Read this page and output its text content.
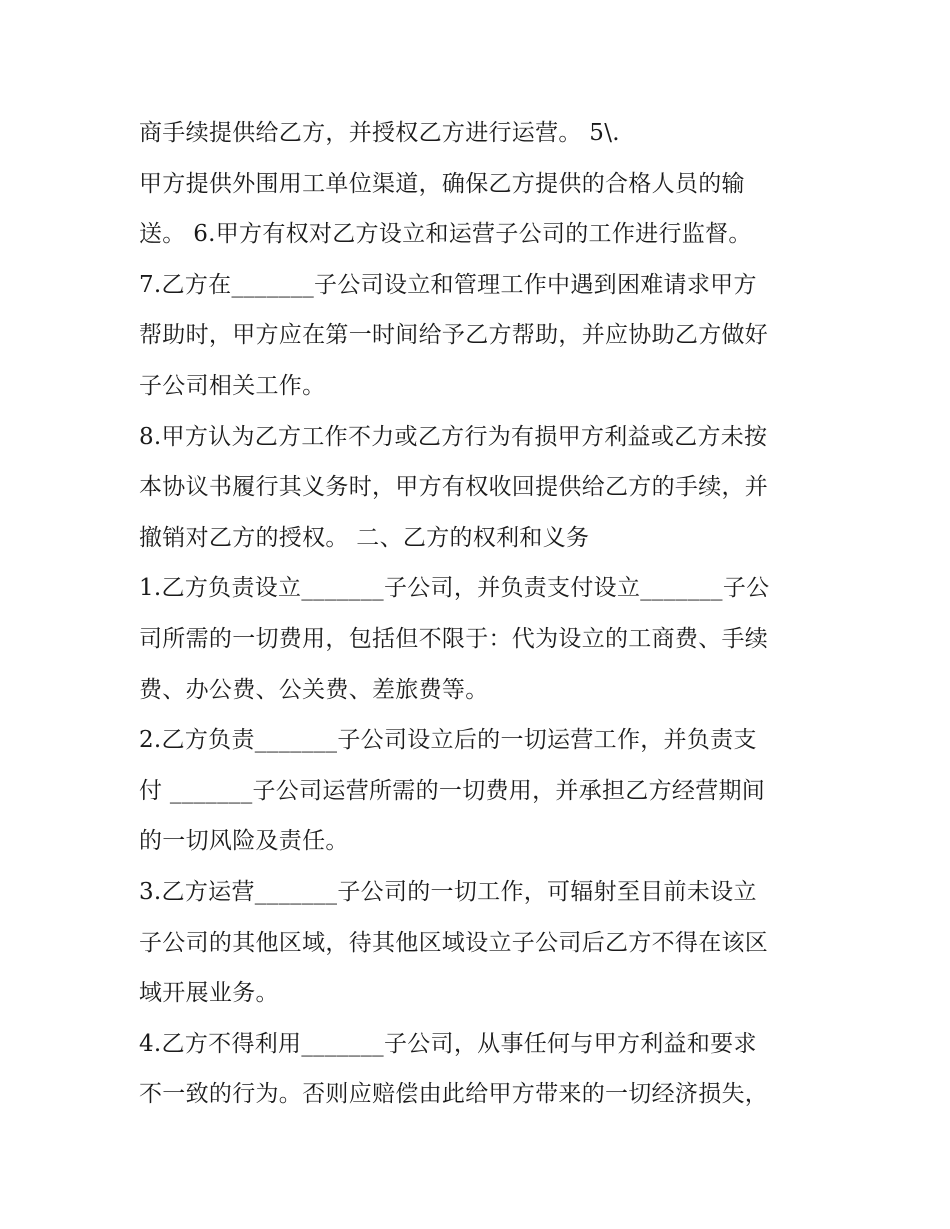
商手续提供给乙方，并授权乙方进行运营。 5\.
甲方提供外围用工单位渠道，确保乙方提供的合格人员的输
送。 6.甲方有权对乙方设立和运营子公司的工作进行监督。
7.乙方在_______子公司设立和管理工作中遇到困难请求甲方
帮助时，甲方应在第一时间给予乙方帮助，并应协助乙方做好
子公司相关工作。
8.甲方认为乙方工作不力或乙方行为有损甲方利益或乙方未按
本协议书履行其义务时，甲方有权收回提供给乙方的手续，并
撤销对乙方的授权。 二、乙方的权利和义务
1.乙方负责设立_______子公司，并负责支付设立_______子公
司所需的一切费用，包括但不限于：代为设立的工商费、手续
费、办公费、公关费、差旅费等。
2.乙方负责_______子公司设立后的一切运营工作，并负责支
付 _______子公司运营所需的一切费用，并承担乙方经营期间
的一切风险及责任。
3.乙方运营_______子公司的一切工作，可辐射至目前未设立
子公司的其他区域，待其他区域设立子公司后乙方不得在该区
域开展业务。
4.乙方不得利用_______子公司，从事任何与甲方利益和要求
不一致的行为。否则应赔偿由此给甲方带来的一切经济损失，
